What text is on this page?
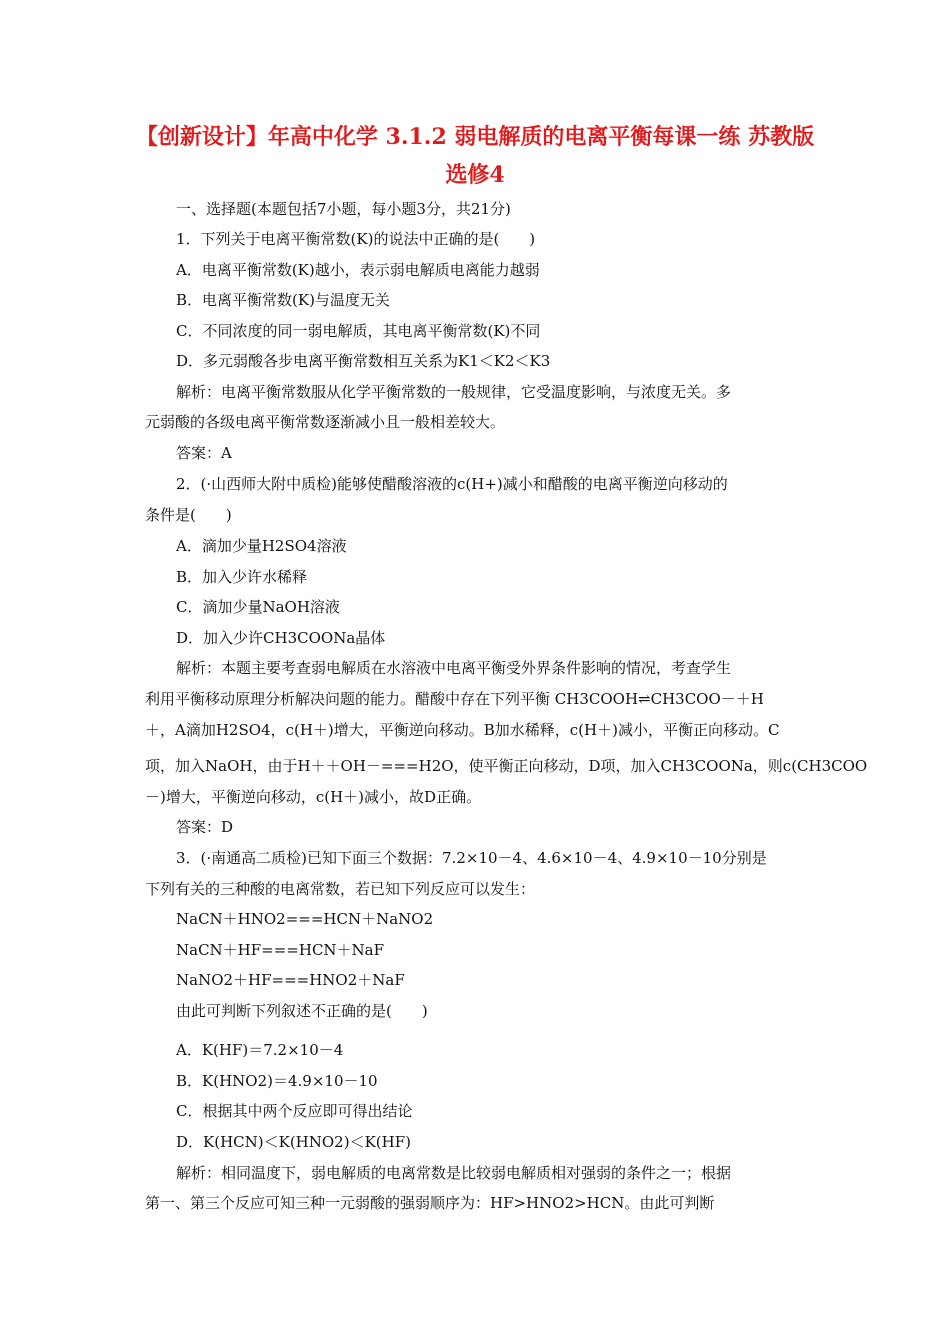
【创新设计】年高中化学 3.1.2 弱电解质的电离平衡每课一练 苏教版选修4
一、选择题(本题包括7小题，每小题3分，共21分)
1．下列关于电离平衡常数(K)的说法中正确的是(　　)
A．电离平衡常数(K)越小，表示弱电解质电离能力越弱
B．电离平衡常数(K)与温度无关
C．不同浓度的同一弱电解质，其电离平衡常数(K)不同
D．多元弱酸各步电离平衡常数相互关系为K1＜K2＜K3
解析：电离平衡常数服从化学平衡常数的一般规律，它受温度影响，与浓度无关。多
元弱酸的各级电离平衡常数逐渐减小且一般相差较大。
答案：A
2．(·山西师大附中质检)能够使醋酸溶液的c(H+)减小和醋酸的电离平衡逆向移动的
条件是(　　)
A．滴加少量H2SO4溶液
B．加入少许水稀释
C．滴加少量NaOH溶液
D．加入少许CH3COONa晶体
解析：本题主要考查弱电解质在水溶液中电离平衡受外界条件影响的情况，考查学生
利用平衡移动原理分析解决问题的能力。醋酸中存在下列平衡 CH3COOH⇌CH3COO－＋H
＋，A滴加H2SO4，c(H＋)增大，平衡逆向移动。B加水稀释，c(H＋)减小，平衡正向移动。C
项，加入NaOH，由于H＋＋OH－===H2O，使平衡正向移动，D项，加入CH3COONa，则c(CH3COO
－)增大，平衡逆向移动，c(H＋)减小，故D正确。
答案：D
3．(·南通高二质检)已知下面三个数据：7.2×10－4、4.6×10－4、4.9×10－10分别是
下列有关的三种酸的电离常数，若已知下列反应可以发生：
NaCN＋HNO2===HCN＋NaNO2
NaCN＋HF===HCN＋NaF
NaNO2＋HF===HNO2＋NaF
由此可判断下列叙述不正确的是(　　)
A．K(HF)＝7.2×10－4
B．K(HNO2)＝4.9×10－10
C．根据其中两个反应即可得出结论
D．K(HCN)＜K(HNO2)＜K(HF)
解析：相同温度下，弱电解质的电离常数是比较弱电解质相对强弱的条件之一；根据
第一、第三个反应可知三种一元弱酸的强弱顺序为：HF>HNO2>HCN。由此可判断
